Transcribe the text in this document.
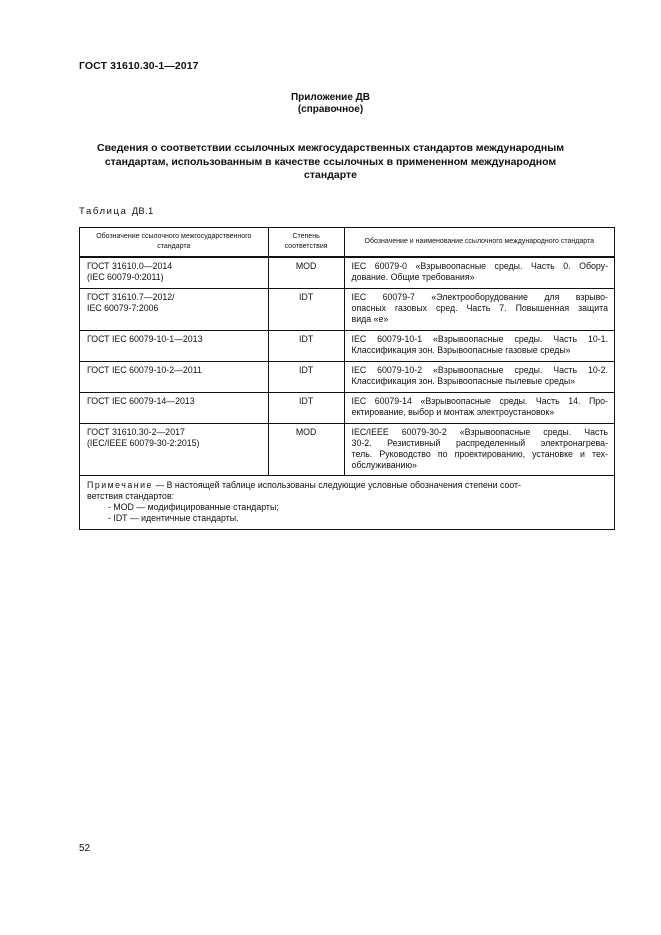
ГОСТ 31610.30-1—2017
Приложение ДВ
(справочное)
Сведения о соответствии ссылочных межгосударственных стандартов международным
стандартам, использованным в качестве ссылочных в примененном международном
стандарте
Таблица ДВ.1
Обозначение ссылочного межгосударственного стандарта	Степень соответствия	Обозначение и наименование ссылочного международного стандарта

ГОСТ 31610.0—2014
(IEC 60079-0:2011)	MOD	IEC 60079-0 «Взрывоопасные среды. Часть 0. Обору-
дование. Общие требования»

ГОСТ 31610.7—2012/
IEC 60079-7:2006	IDT	IEC 60079-7 «Электрооборудование для взрыво-
опасных газовых сред. Часть 7. Повышенная защита
вида «е»

ГОСТ IEC 60079-10-1—2013	IDT	IEC 60079-10-1 «Взрывоопасные среды. Часть 10-1.
Классификация зон. Взрывоопасные газовые среды»

ГОСТ IEC 60079-10-2—2011	IDT	IEC 60079-10-2 «Взрывоопасные среды. Часть 10-2.
Классификация зон. Взрывоопасные пылевые среды»

ГОСТ IEC 60079-14—2013	IDT	IEC 60079-14 «Взрывоопасные среды. Часть 14. Про-
ектирование, выбор и монтаж электроустановок»

ГОСТ 31610.30-2—2017
(IEC/IEEE 60079-30-2:2015)	MOD	IEC/IEEE 60079-30-2 «Взрывоопасные среды. Часть
30-2. Резистивный распределенный электронагрева-
тель. Руководство по проектированию, установке и тех-
обслуживанию»

Примечание — В настоящей таблице использованы следующие условные обозначения степени соот-
ветствия стандартов:
- MOD — модифицированные стандарты;
- IDT — идентичные стандарты.		
52
